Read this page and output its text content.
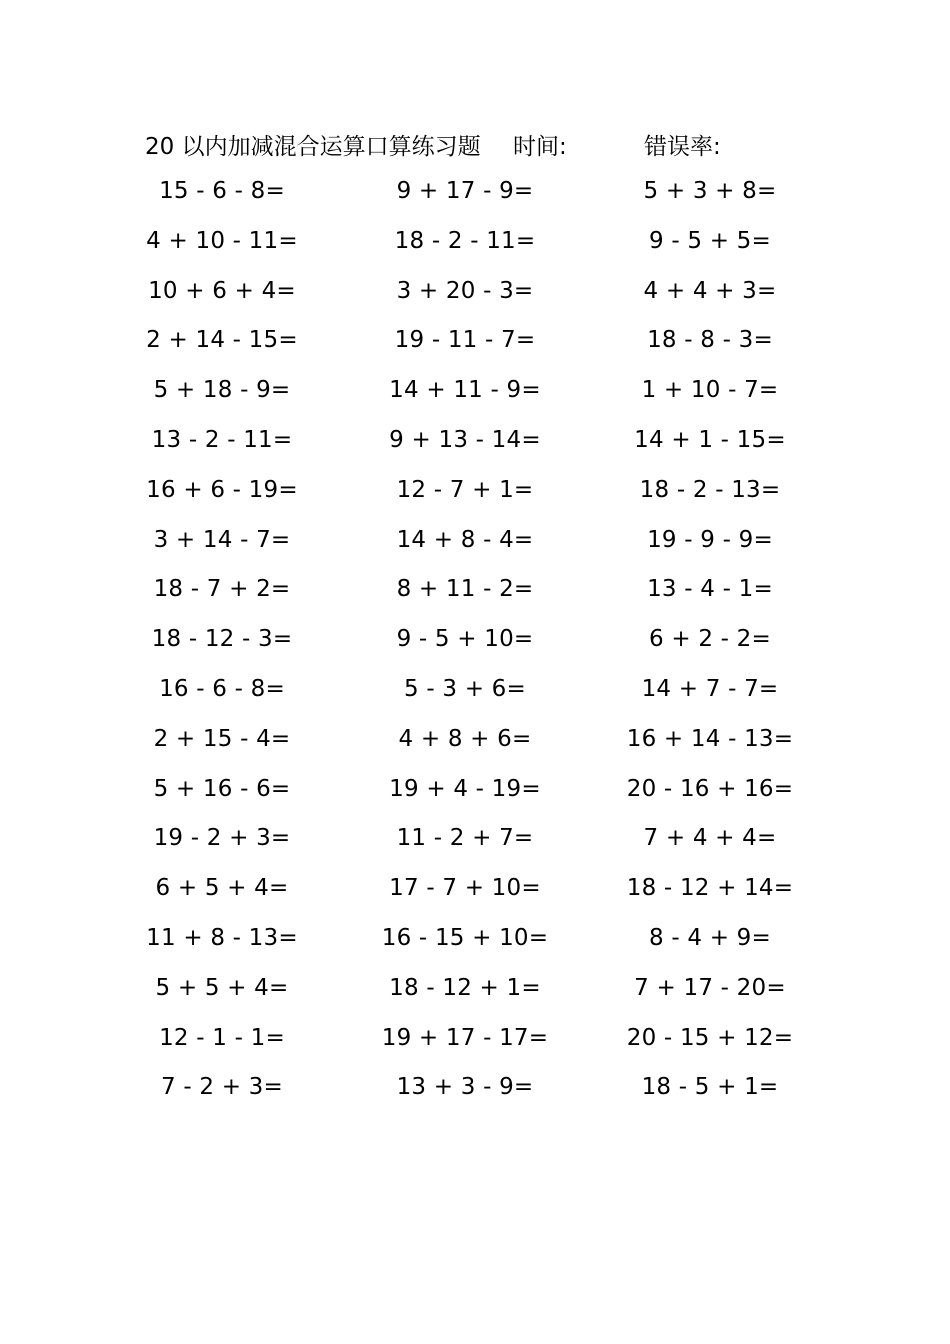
20 以内加减混合运算口算练习题 时间:	错误率:
15 - 6 - 8=
4 + 10 - 11=
10 + 6 + 4=
2 + 14 - 15=
5 + 18 - 9=
13 - 2 - 11=
16 + 6 - 19=
3 + 14 - 7=
18 - 7 + 2=
18 - 12 - 3=
16 - 6 - 8=
2 + 15 - 4=
5 + 16 - 6=
19 - 2 + 3=
6 + 5 + 4=
11 + 8 - 13=
5 + 5 + 4=
12 - 1 - 1=
7 - 2 + 3=
9 + 17 - 9=
18 - 2 - 11=
3 + 20 - 3=
19 - 11 - 7=
14 + 11 - 9=
9 + 13 - 14=
12 - 7 + 1=
14 + 8 - 4=
8 + 11 - 2=
9 - 5 + 10=
5 - 3 + 6=
4 + 8 + 6=
19 + 4 - 19=
11 - 2 + 7=
17 - 7 + 10=
16 - 15 + 10=
18 - 12 + 1=
19 + 17 - 17=
13 + 3 - 9=
5 + 3 + 8=
9 - 5 + 5=
4 + 4 + 3=
18 - 8 - 3=
1 + 10 - 7=
14 + 1 - 15=
18 - 2 - 13=
19 - 9 - 9=
13 - 4 - 1=
6 + 2 - 2=
14 + 7 - 7=
16 + 14 - 13=
20 - 16 + 16=
7 + 4 + 4=
18 - 12 + 14=
8 - 4 + 9=
7 + 17 - 20=
20 - 15 + 12=
18 - 5 + 1=
